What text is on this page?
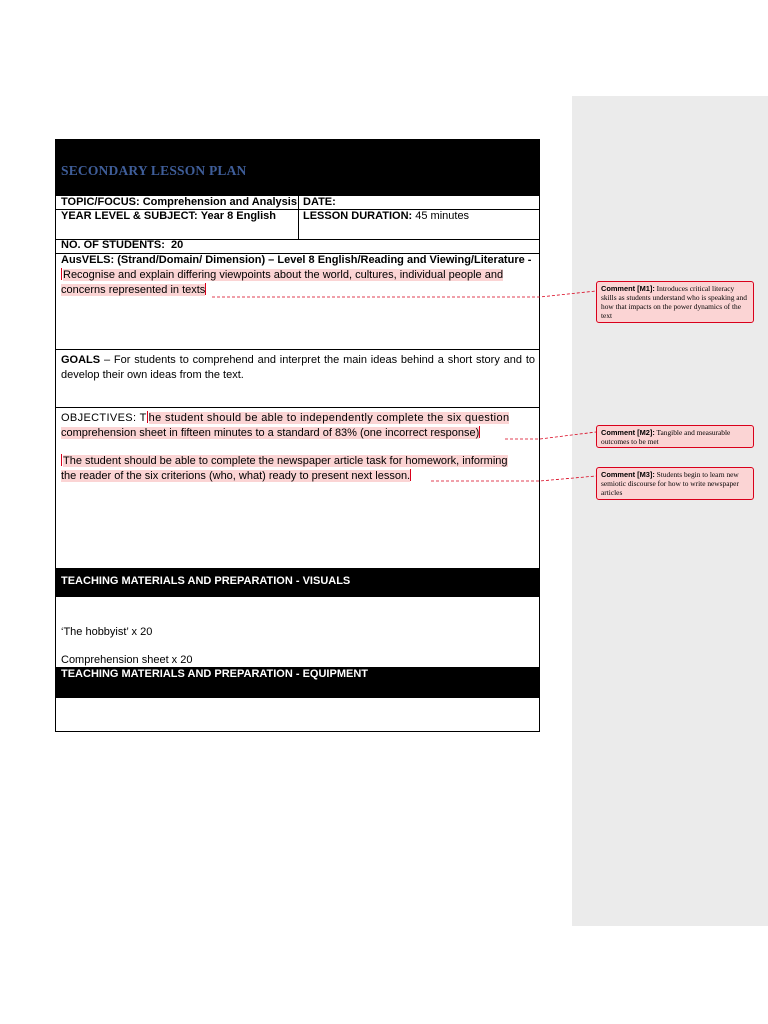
SECONDARY LESSON PLAN
TOPIC/FOCUS: Comprehension and Analysis DATE:
YEAR LEVEL & SUBJECT: Year 8 English LESSON DURATION: 45 minutes
NO. OF STUDENTS: 20
AusVELS: (Strand/Domain/ Dimension) – Level 8 English/Reading and Viewing/Literature -
Recognise and explain differing viewpoints about the world, cultures, individual people and
concerns represented in texts
GOALS – For students to comprehend and interpret the main ideas behind a short story and to develop their own ideas from the text.
OBJECTIVES: T he student should be able to independently complete the six question
comprehension sheet in fifteen minutes to a standard of 83% (one incorrect response)
The student should be able to complete the newspaper article task for homework, informing
the reader of the six criterions (who, what) ready to present next lesson.
TEACHING MATERIALS AND PREPARATION - VISUALS
‘The hobbyist’ x 20
Comprehension sheet x 20
TEACHING MATERIALS AND PREPARATION - EQUIPMENT
Comment [M1]: Introduces critical literacy skills as students understand who is speaking and how that impacts on the power dynamics of the text
Comment [M2]: Tangible and measurable outcomes to be met
Comment [M3]: Students begin to learn new semiotic discourse for how to write newspaper articles
